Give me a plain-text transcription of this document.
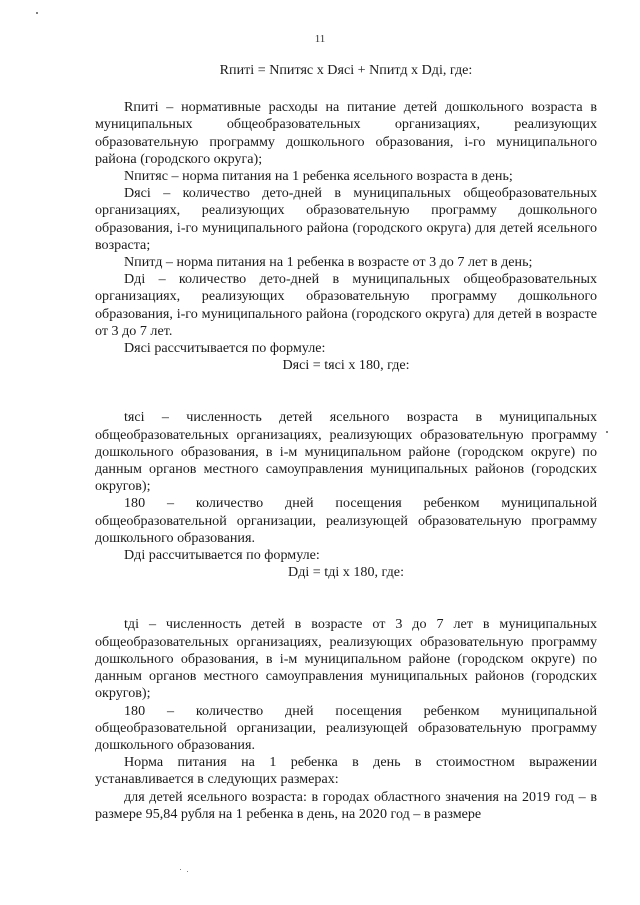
11
Rпиті = Nпитяс х Dясі + Nпитд х Dді, где:

Rпиті – нормативные расходы на питание детей дошкольного возраста в муниципальных общеобразовательных организациях, реализующих образовательную программу дошкольного образования, і-го муниципального района (городского округа);

Nпитяс – норма питания на 1 ребенка ясельного возраста в день;

Dясі – количество дето-дней в муниципальных общеобразовательных организациях, реализующих образовательную программу дошкольного образования, і-го муниципального района (городского округа) для детей ясельного возраста;

Nпитд – норма питания на 1 ребенка в возрасте от 3 до 7 лет в день;

Dді – количество дето-дней в муниципальных общеобразовательных организациях, реализующих образовательную программу дошкольного образования, і-го муниципального района (городского округа) для детей в возрасте от 3 до 7 лет.

Dясі рассчитывается по формуле:

Dясі = tясі х 180, где:

tясі – численность детей ясельного возраста в муниципальных общеобразовательных организациях, реализующих образовательную программу дошкольного образования, в і-м муниципальном районе (городском округе) по данным органов местного самоуправления муниципальных районов (городских округов);

180 – количество дней посещения ребенком муниципальной общеобразовательной организации, реализующей образовательную программу дошкольного образования.

Dді рассчитывается по формуле:

Dді = tді х 180, где:

tді – численность детей в возрасте от 3 до 7 лет в муниципальных общеобразовательных организациях, реализующих образовательную программу дошкольного образования, в і-м муниципальном районе (городском округе) по данным органов местного самоуправления муниципальных районов (городских округов);

180 – количество дней посещения ребенком муниципальной общеобразовательной организации, реализующей образовательную программу дошкольного образования.

Норма питания на 1 ребенка в день в стоимостном выражении устанавливается в следующих размерах:

для детей ясельного возраста: в городах областного значения на 2019 год – в размере 95,84 рубля на 1 ребенка в день, на 2020 год – в размере
